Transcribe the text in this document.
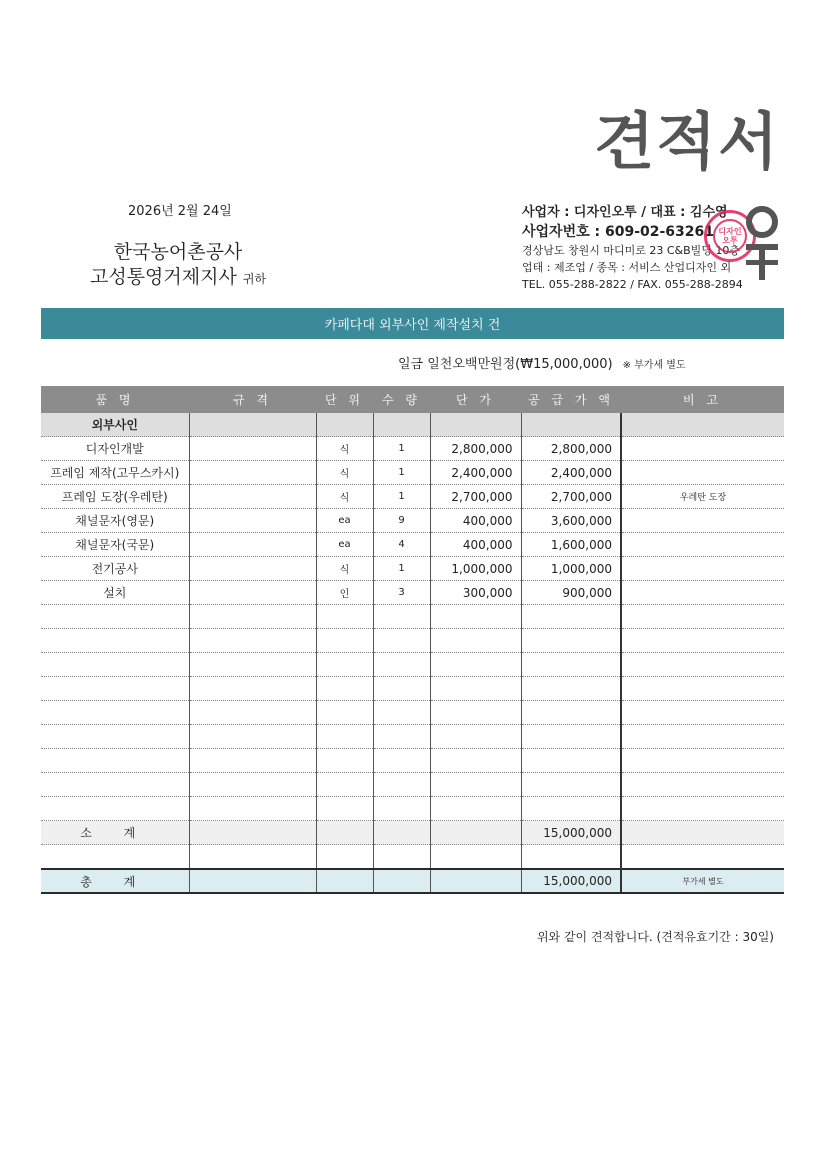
견적서
2026년 2월 24일
한국농어촌공사
고성통영거제지사 귀하
사업자 : 디자인오투 / 대표 : 김수영
사업자번호 : 609-02-63261
경상남도 창원시 마디미로 23 C&B빌딩 10층
업태 : 제조업 / 종목 : 서비스 산업디자인 외
TEL. 055-288-2822 / FAX. 055-288-2894
디자인오투
카페다대 외부사인 제작설치 건
일금 일천오백만원정(₩15,000,000) ※ 부가세 별도
품 명	규 격	단 위	수 량	단 가	공 급 가 액	비 고
외부사인						
디자인개발		식	1	2,800,000	2,800,000	
프레임 제작(고무스카시)		식	1	2,400,000	2,400,000	
프레임 도장(우레탄)		식	1	2,700,000	2,700,000	우레탄 도장
채널문자(영문)		ea	9	400,000	3,600,000	
채널문자(국문)		ea	4	400,000	1,600,000	
전기공사		식	1	1,000,000	1,000,000	
설치		인	3	300,000	900,000	

소 계					15,000,000	

총 계					15,000,000	부가세 별도
위와 같이 견적합니다. (견적유효기간 : 30일)
